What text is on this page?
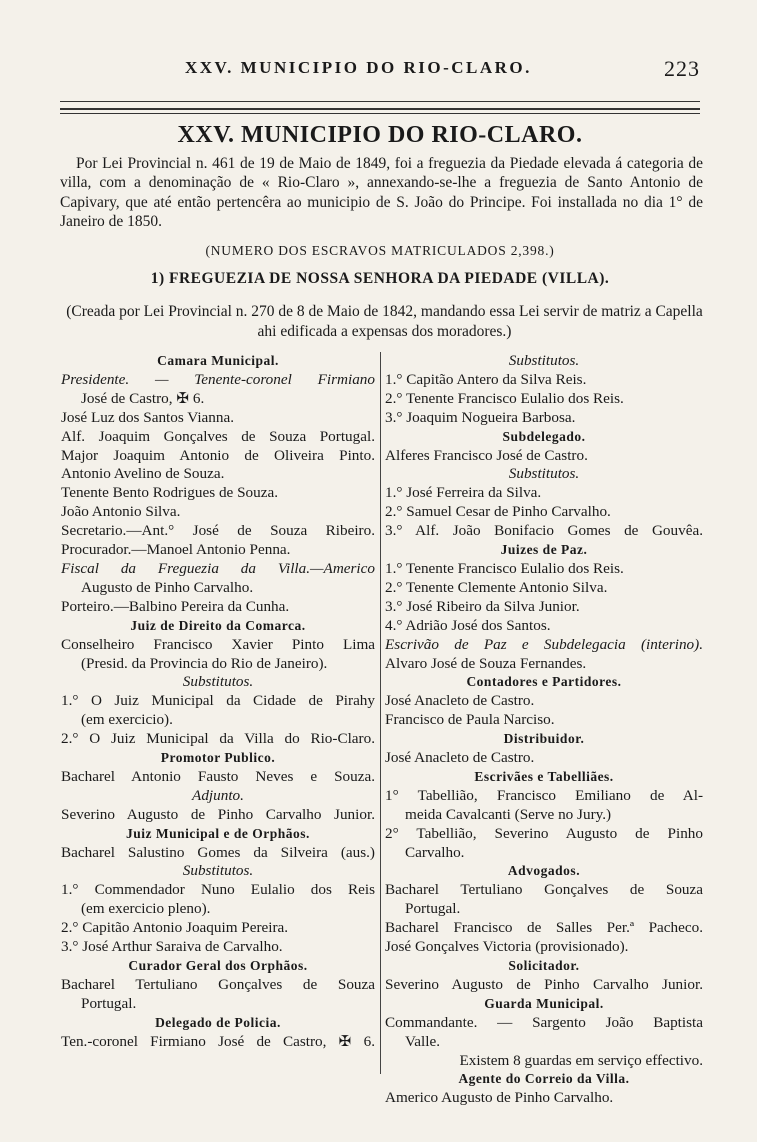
XXV. MUNICIPIO DO RIO-CLARO.	223
XXV. MUNICIPIO DO RIO-CLARO.
Por Lei Provincial n. 461 de 19 de Maio de 1849, foi a freguezia da Piedade elevada á categoria de villa, com a denominação de « Rio-Claro », annexando-se-lhe a freguezia de Santo Antonio de Capivary, que até então pertencêra ao municipio de S. João do Principe. Foi installada no dia 1° de Janeiro de 1850.
(NUMERO DOS ESCRAVOS MATRICULADOS 2,398.)
1) FREGUEZIA DE NOSSA SENHORA DA PIEDADE (VILLA).
(Creada por Lei Provincial n. 270 de 8 de Maio de 1842, mandando essa Lei servir de matriz a Capella ahi edificada a expensas dos moradores.)
Camara Municipal.
Presidente. — Tenente-coronel Firmiano
José de Castro, ✠ 6.
José Luz dos Santos Vianna.
Alf. Joaquim Gonçalves de Souza Portugal.
Major Joaquim Antonio de Oliveira Pinto.
Antonio Avelino de Souza.
Tenente Bento Rodrigues de Souza.
João Antonio Silva.
Secretario.—Ant.° José de Souza Ribeiro.
Procurador.—Manoel Antonio Penna.
Fiscal da Freguezia da Villa.—Americo
Augusto de Pinho Carvalho.
Porteiro.—Balbino Pereira da Cunha.
Juiz de Direito da Comarca.
Conselheiro Francisco Xavier Pinto Lima
(Presid. da Provincia do Rio de Janeiro).
Substitutos.
1.° O Juiz Municipal da Cidade de Pirahy
(em exercicio).
2.° O Juiz Municipal da Villa do Rio-Claro.
Promotor Publico.
Bacharel Antonio Fausto Neves e Souza.
Adjunto.
Severino Augusto de Pinho Carvalho Junior.
Juiz Municipal e de Orphãos.
Bacharel Salustino Gomes da Silveira (aus.)
Substitutos.
1.° Commendador Nuno Eulalio dos Reis
(em exercicio pleno).
2.° Capitão Antonio Joaquim Pereira.
3.° José Arthur Saraiva de Carvalho.
Curador Geral dos Orphãos.
Bacharel Tertuliano Gonçalves de Souza
Portugal.
Delegado de Policia.
Ten.-coronel Firmiano José de Castro, ✠ 6.
Substitutos.
1.° Capitão Antero da Silva Reis.
2.° Tenente Francisco Eulalio dos Reis.
3.° Joaquim Nogueira Barbosa.
Subdelegado.
Alferes Francisco José de Castro.
Substitutos.
1.° José Ferreira da Silva.
2.° Samuel Cesar de Pinho Carvalho.
3.° Alf. João Bonifacio Gomes de Gouvêa.
Juizes de Paz.
1.° Tenente Francisco Eulalio dos Reis.
2.° Tenente Clemente Antonio Silva.
3.° José Ribeiro da Silva Junior.
4.° Adrião José dos Santos.
Escrivão de Paz e Subdelegacia (interino).
Alvaro José de Souza Fernandes.
Contadores e Partidores.
José Anacleto de Castro.
Francisco de Paula Narciso.
Distribuidor.
José Anacleto de Castro.
Escrivães e Tabelliães.
1° Tabellião, Francisco Emiliano de Al-
meida Cavalcanti (Serve no Jury.)
2° Tabellião, Severino Augusto de Pinho
Carvalho.
Advogados.
Bacharel Tertuliano Gonçalves de Souza
Portugal.
Bacharel Francisco de Salles Per.ª Pacheco.
José Gonçalves Victoria (provisionado).
Solicitador.
Severino Augusto de Pinho Carvalho Junior.
Guarda Municipal.
Commandante. — Sargento João Baptista
Valle.
Existem 8 guardas em serviço effectivo.
Agente do Correio da Villa.
Americo Augusto de Pinho Carvalho.
